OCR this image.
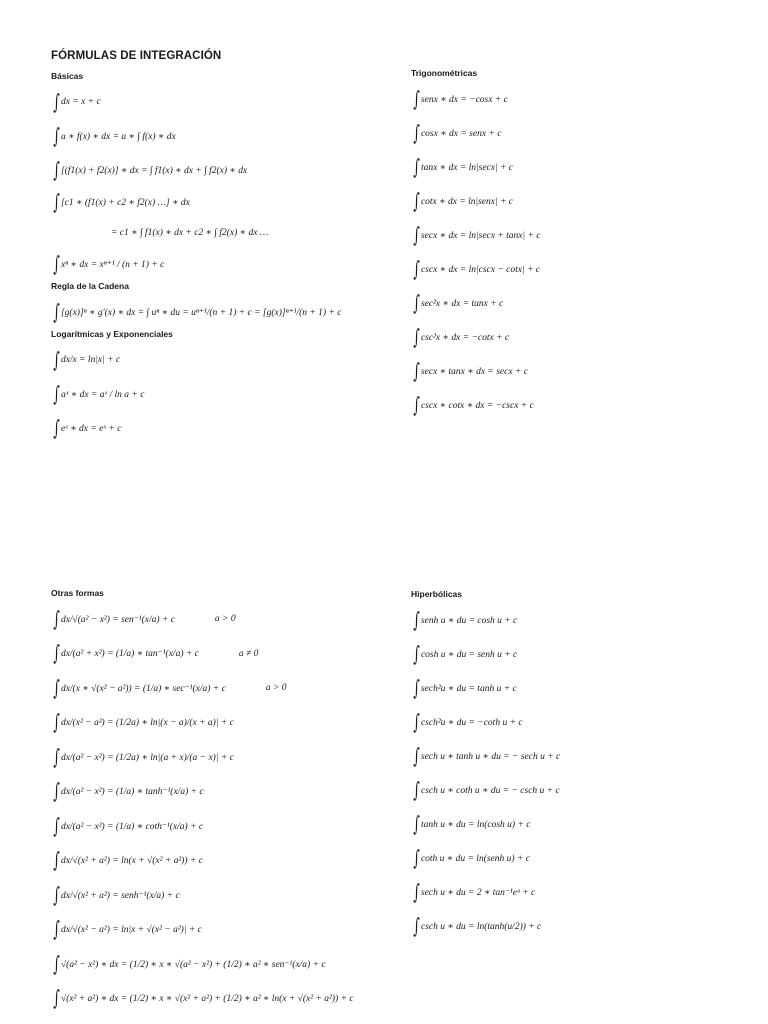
FÓRMULAS DE INTEGRACIÓN
Básicas
∫ dx = x + c
∫ a ∗ f(x) ∗ dx = a ∗ ∫ f(x) ∗ dx
∫ [(f1(x) + f2(x)] ∗ dx = ∫ f1(x) ∗ dx + ∫ f2(x) ∗ dx
∫ [c1 ∗ (f1(x) + c2 ∗ f2(x) …] ∗ dx
= c1 ∗ ∫ f1(x) ∗ dx + c2 ∗ ∫ f2(x) ∗ dx …
∫ xⁿ ∗ dx = xⁿ⁺¹ / (n + 1) + c
Regla de la Cadena
∫ [g(x)]ⁿ ∗ g′(x) ∗ dx = ∫ uⁿ ∗ du = uⁿ⁺¹/(n + 1) + c = [g(x)]ⁿ⁺¹/(n + 1) + c
Logarítmicas y Exponenciales
∫ dx/x = ln|x| + c
∫ aˣ ∗ dx = aˣ / ln a + c
∫ eˣ ∗ dx = eˣ + c
Trigonométricas
∫ senx ∗ dx = −cosx + c
∫ cosx ∗ dx = senx + c
∫ tanx ∗ dx = ln|secx| + c
∫ cotx ∗ dx = ln|senx| + c
∫ secx ∗ dx = ln|secx + tanx| + c
∫ cscx ∗ dx = ln|cscx − cotx| + c
∫ sec²x ∗ dx = tanx + c
∫ csc²x ∗ dx = −cotx + c
∫ secx ∗ tanx ∗ dx = secx + c
∫ cscx ∗ cotx ∗ dx = −cscx + c
Otras formas
∫ dx/√(a² − x²) = sen⁻¹(x/a) + c	a > 0
∫ dx/(a² + x²) = (1/a) ∗ tan⁻¹(x/a) + c	a ≠ 0
∫ dx/(x ∗ √(x² − a²)) = (1/a) ∗ sec⁻¹(x/a) + c	a > 0
∫ dx/(x² − a²) = (1/2a) ∗ ln|(x − a)/(x + a)| + c
∫ dx/(a² − x²) = (1/2a) ∗ ln|(a + x)/(a − x)| + c
∫ dx/(a² − x²) = (1/a) ∗ tanh⁻¹(x/a) + c
∫ dx/(a² − x²) = (1/a) ∗ coth⁻¹(x/a) + c
∫ dx/√(x² + a²) = ln(x + √(x² + a²)) + c
∫ dx/√(x² + a²) = senh⁻¹(x/a) + c
∫ dx/√(x² − a²) = ln|x + √(x² − a²)| + c
∫ √(a² − x²) ∗ dx = (1/2) ∗ x ∗ √(a² − x²) + (1/2) ∗ a² ∗ sen⁻¹(x/a) + c
∫ √(x² + a²) ∗ dx = (1/2) ∗ x ∗ √(x² + a²) + (1/2) ∗ a² ∗ ln(x + √(x² + a²)) + c
Hiperbólicas
∫ senh u ∗ du = cosh u + c
∫ cosh u ∗ du = senh u + c
∫ sech²u ∗ du = tanh u + c
∫ csch²u ∗ du = −coth u + c
∫ sech u ∗ tanh u ∗ du = − sech u + c
∫ csch u ∗ coth u ∗ du = − csch u + c
∫ tanh u ∗ du = ln(cosh u) + c
∫ coth u ∗ du = ln(senh u) + c
∫ sech u ∗ du = 2 ∗ tan⁻¹eᵘ + c
∫ csch u ∗ du = ln(tanh(u/2)) + c
